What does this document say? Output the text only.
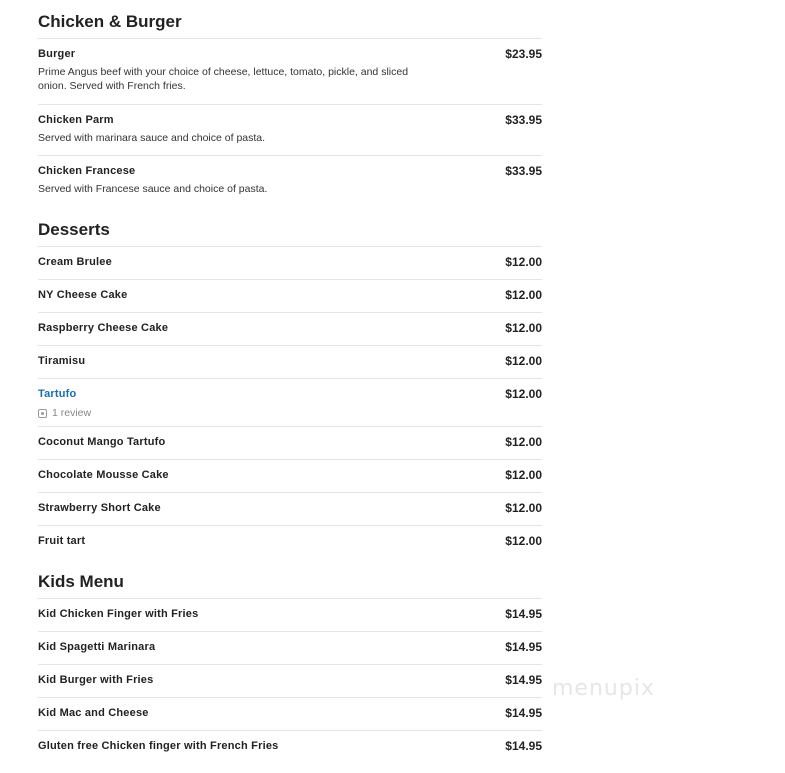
Chicken & Burger
Burger	$23.95
Prime Angus beef with your choice of cheese, lettuce, tomato, pickle, and sliced onion. Served with French fries.
Chicken Parm	$33.95
Served with marinara sauce and choice of pasta.
Chicken Francese	$33.95
Served with Francese sauce and choice of pasta.
Desserts
Cream Brulee	$12.00
NY Cheese Cake	$12.00
Raspberry Cheese Cake	$12.00
Tiramisu	$12.00
Tartufo	$12.00
1 review
Coconut Mango Tartufo	$12.00
Chocolate Mousse Cake	$12.00
Strawberry Short Cake	$12.00
Fruit tart	$12.00
Kids Menu
Kid Chicken Finger with Fries	$14.95
Kid Spagetti Marinara	$14.95
Kid Burger with Fries	$14.95
Kid Mac and Cheese	$14.95
Gluten free Chicken finger with French Fries	$14.95
menupix
